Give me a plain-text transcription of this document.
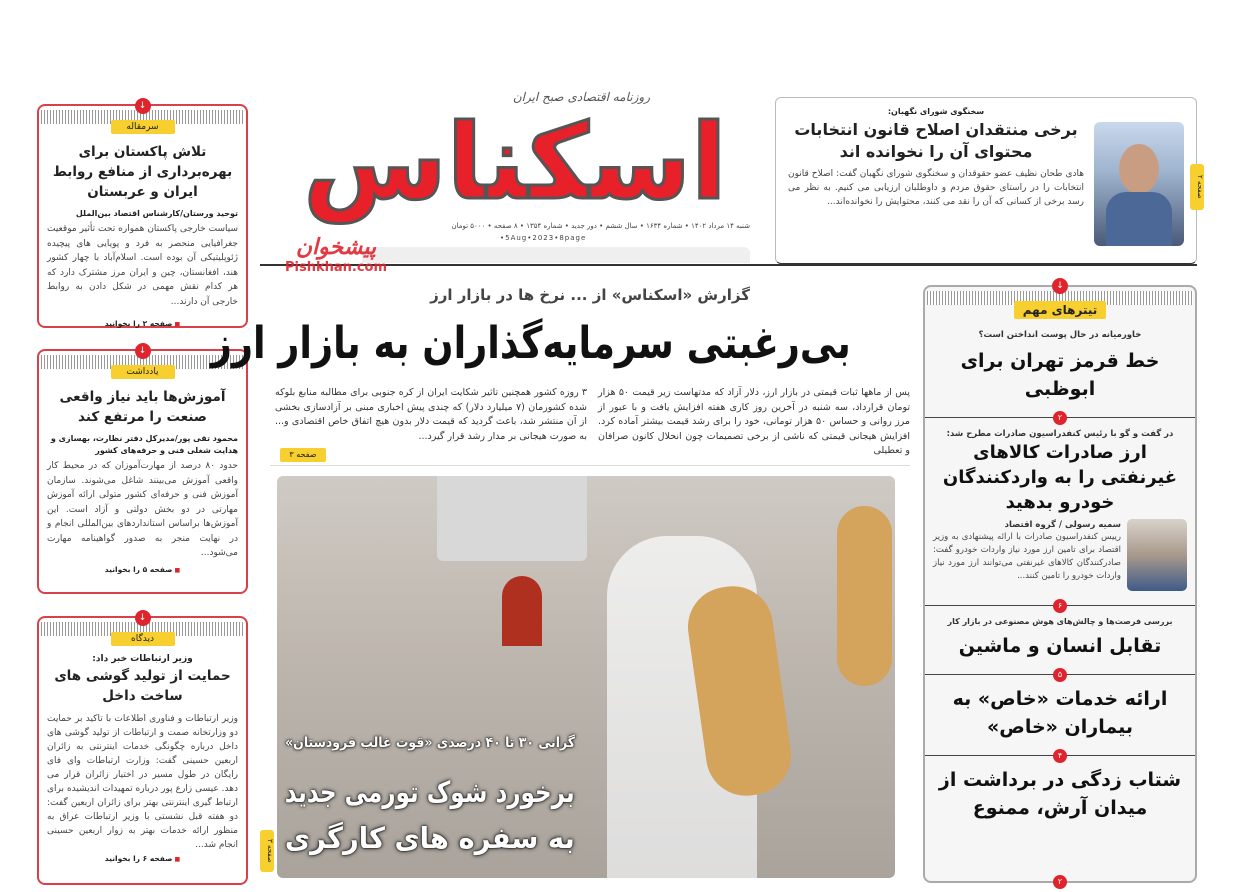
↓
سرمقاله
تلاش پاکستان برای بهره‌برداری از منافع روابط ایران و عربستان
توحید ورستان/کارشناس اقتصاد بین‌الملل
سیاست خارجی پاکستان همواره تحت تأثیر موقعیت جغرافیایی منحصر به فرد و پویایی های پیچیده ژئوپلیتیکی آن بوده است. اسلام‌آباد با چهار کشور هند، افغانستان، چین و ایران مرز مشترک دارد که هر کدام نقش مهمی در شکل دادن به روابط خارجی آن دارند...
■ صفحه ۲ را بخوانید
↓
یادداشت
آموزش‌ها باید نیاز واقعی صنعت را مرتفع کند
محمود تقی پور/مدیرکل دفتر نظارت، بهسازی و هدایت شغلی فنی و حرفه‌های کشور
حدود ۸۰ درصد از مهارت‌آموزان که در محیط کار واقعی آموزش می‌بینند شاغل می‌شوند. سازمان آموزش فنی و حرفه‌ای کشور متولی ارائه آموزش مهارتی در دو بخش دولتی و آزاد است. این آموزش‌ها براساس استانداردهای بین‌المللی انجام و در نهایت منجر به صدور گواهینامه مهارت می‌شود...
■ صفحه ۵ را بخوانید
↓
دیدگاه
وزیر ارتباطات خبر داد:
حمایت از تولید گوشی های ساخت داخل
وزیر ارتباطات و فناوری اطلاعات با تاکید بر حمایت دو وزارتخانه صمت و ارتباطات از تولید گوشی های داخل درباره چگونگی خدمات اینترنتی به زائران اربعین حسینی گفت: وزارت ارتباطات وای فای رایگان در طول مسیر در اختیار زائران قرار می دهد. عیسی زارع پور درباره تمهیدات اندیشیده برای ارتباط گیری اینترنتی بهتر برای زائران اربعین گفت: دو هفته قبل نشستی با وزیر ارتباطات عراق به منظور ارائه خدمات بهتر به زوار اربعین حسینی انجام شد...
■ صفحه ۶ را بخوانید
روزنامه اقتصادی صبح ایران
اسکناس
شنبه ۱۴ مرداد ۱۴۰۲ • شماره ۱۶۳۴ • سال ششم • دور جدید • شماره ۱۳۵۴ • ۸ صفحه • ۵۰۰۰ تومان
•5Aug•2023•8page
صفحه ۲
سخنگوی شورای نگهبان:
برخی منتقدان اصلاح قانون انتخابات محتوای آن را نخوانده اند
هادی طحان نظیف عضو حقوقدان و سخنگوی شورای نگهبان گفت: اصلاح قانون انتخابات را در راستای حقوق مردم و داوطلبان ارزیابی می کنیم. به نظر می رسد برخی از کسانی که آن را نقد می کنند، محتوایش را نخوانده‌اند...
پیشخوان
Pishkhan.com
گزارش «اسکناس» از ... نرخ ها در بازار ارز
بی‌رغبتی سرمایه‌گذاران به بازار ارز
پس از ماهها ثبات قیمتی در بازار ارز، دلار آزاد که مدتهاست زیر قیمت ۵۰ هزار تومان قرارداد، سه شنبه در آخرین روز کاری هفته افزایش یافت و با عبور از مرز روانی و حساس ۵۰ هزار تومانی، خود را برای رشد قیمت بیشتر آماده کرد. افزایش هیجانی قیمتی که ناشی از برخی تصمیمات چون انحلال کانون صرافان و تعطیلی
۳ روزه کشور همچنین تاثیر شکایت ایران از کره جنوبی برای مطالبه منابع بلوکه شده کشورمان (۷ میلیارد دلار) که چندی پیش اخباری مبنی بر آزادسازی بخشی از آن منتشر شد، باعث گردید که قیمت دلار بدون هیچ اتفاق خاص اقتصادی و... به صورت هیجانی بر مدار رشد قرار گیرد...
صفحه ۳
گرانی ۳۰ تا ۴۰ درصدی «قوت غالب فرودستان»
برخورد شوک تورمی جدید
به سفره های کارگری
صفحه ۳
↓
تیترهای مهم
خاورمیانه در حال پوست انداختن است؟
خط قرمز تهران برای ابوظبی
۲
در گفت و گو با رئیس کنفدراسیون صادرات مطرح شد:
ارز صادرات کالاهای غیرنفتی را به واردکنندگان خودرو بدهید
سمیه رسولی / گروه اقتصاد
رییس کنفدراسیون صادرات با ارائه پیشنهادی به وزیر اقتصاد برای تامین ارز مورد نیاز واردات خودرو گفت: صادرکنندگان کالاهای غیرنفتی می‌توانند ارز مورد نیاز واردات خودرو را تامین کنند...
۶
بررسی فرصت‌ها و چالش‌های هوش مصنوعی در بازار کار
تقابل انسان و ماشین
۵
ارائه خدمات «خاص» به بیماران «خاص»
۴
شتاب زدگی در برداشت از میدان آرش، ممنوع
۲
